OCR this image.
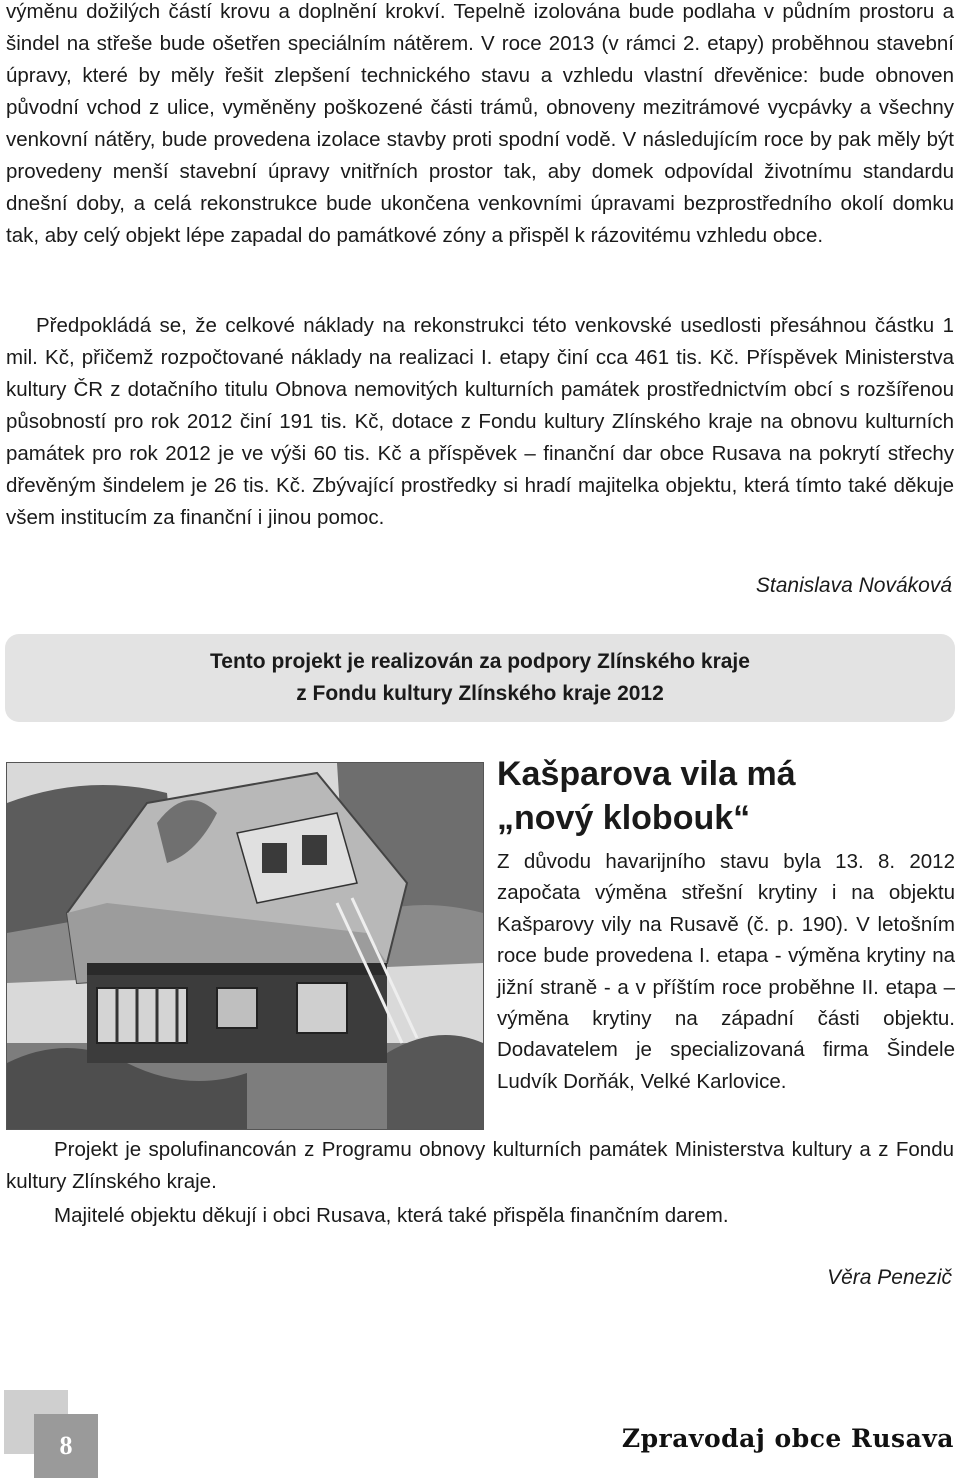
výměnu dožilých částí krovu a doplnění krokví. Tepelně izolována bude podlaha v půdním prostoru a šindel na střeše bude ošetřen speciálním nátěrem. V roce 2013 (v rámci 2. etapy) proběhnou stavební úpravy, které by měly řešit zlepšení technického stavu a vzhledu vlastní dřevěnice: bude obnoven původní vchod z ulice, vyměněny poškozené části trámů, obnoveny mezitrámové vycpávky a všechny venkovní nátěry, bude provedena izolace stavby proti spodní vodě. V následujícím roce by pak měly být provedeny menší stavební úpravy vnitřních prostor tak, aby domek odpovídal životnímu standardu dnešní doby, a celá rekonstrukce bude ukončena venkovními úpravami bezprostředního okolí domku tak, aby celý objekt lépe zapadal do památkové zóny a přispěl k rázovitému vzhledu obce.

Předpokládá se, že celkové náklady na rekonstrukci této venkovské usedlosti přesáhnou částku 1 mil. Kč, přičemž rozpočtované náklady na realizaci I. etapy činí cca 461 tis. Kč. Příspěvek Ministerstva kultury ČR z dotačního titulu Obnova nemovitých kulturních památek prostřednictvím obcí s rozšířenou působností pro rok 2012 činí 191 tis. Kč, dotace z Fondu kultury Zlínského kraje na obnovu kulturních památek pro rok 2012 je ve výši 60 tis. Kč a příspěvek – finanční dar obce Rusava na pokrytí střechy dřevěným šindelem je 26 tis. Kč. Zbývající prostředky si hradí majitelka objektu, která tímto také děkuje všem institucím za finanční i jinou pomoc.

Stanislava Nováková

Tento projekt je realizován za podpory Zlínského kraje
z Fondu kultury Zlínského kraje 2012
Kašparova vila má
„nový klobouk“

Z důvodu havarijního stavu byla 13. 8. 2012 započata výměna střešní krytiny i na objektu Kašparovy vily na Rusavě (č. p. 190). V letošním roce bude provedena I. etapa - výměna krytiny na jižní straně - a v příštím roce proběhne II. etapa – výměna krytiny na západní části objektu. Dodavatelem je specializovaná firma Šindele Ludvík Dorňák, Velké Karlovice.

Projekt je spolufinancován z Programu obnovy kulturních památek Ministerstva kultury a z Fondu kultury Zlínského kraje.

Majitelé objektu děkují i obci Rusava, která také přispěla finančním darem.

Věra Penezič

8	Zpravodaj obce Rusava
